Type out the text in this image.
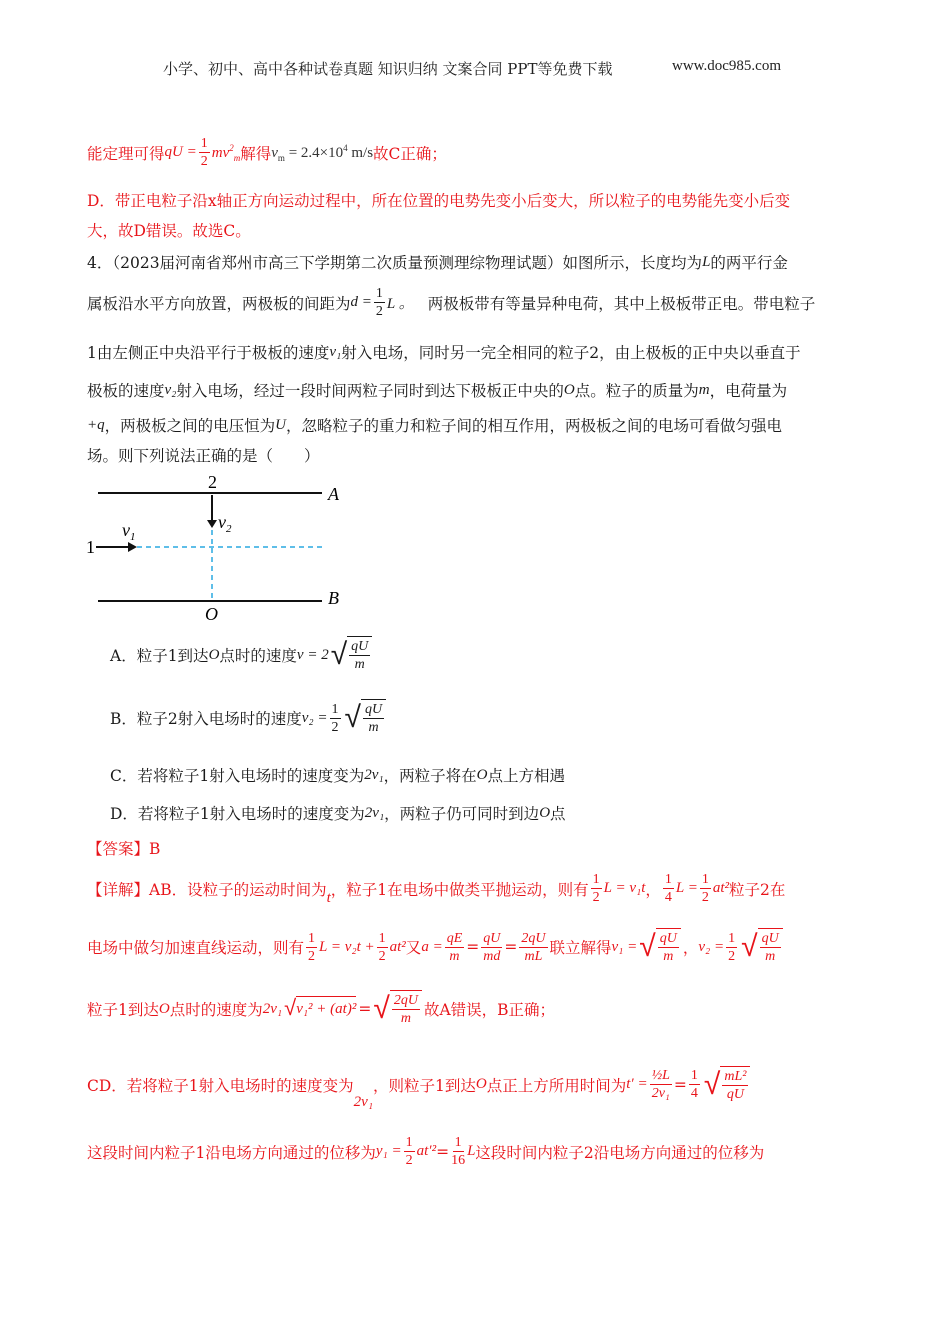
小学、初中、高中各种试卷真题 知识归纳 文案合同 PPT等免费下载	www.doc985.com
能定理可得 qU = $\frac{1}{2} mv^2_m$ 解得 $v_m = 2.4\times 10^4$ m/s 故C正确；
D．带正电粒子沿x轴正方向运动过程中，所在位置的电势先变小后变大，所以粒子的电势能先变小后变
大，故D错误。故选C。
4．（2023届河南省郑州市高三下学期第二次质量预测理综物理试题）如图所示，长度均为 L 的两平行金
属板沿水平方向放置，两极板的间距为 $d = \frac{1}{2}$ L 。 两极板带有等量异种电荷，其中上极板带正电。带电粒子
1由左侧正中央沿平行于极板的速度 v₁ 射入电场，同时另一完全相同的粒子2，由上极板的正中央以垂直于
极板的速度 v₂ 射入电场，经过一段时间两粒子同时到达下极板正中央的 O 点。粒子的质量为 m ，电荷量为
+q ，两极板之间的电压恒为 U ，忽略粒子的重力和粒子间的相互作用，两极板之间的电场可看做匀强电
场。则下列说法正确的是（　　）
2
A
$v_2$
$v_1$
1
B
O
A．粒子1到达 O 点时的速度 v = 2 √ $\frac{qU}{m}$
B．粒子2射入电场时的速度 $v_2 = \frac{1}{2}$ √ $\frac{qU}{m}$
C．若将粒子1射入电场时的速度变为 2v₁ ，两粒子将在 O 点上方相遇
D．若将粒子1射入电场时的速度变为 2v₁ ，两粒子仍可同时到边 O 点
【答案】B
【详解】AB．设粒子的运动时间为 t ，粒子1在电场中做类平抛运动，则有 $\frac{1}{2}$ L = v₁t ， $\frac{1}{4}$ $L = \frac{1}{2} at^2$ 粒子2在
电场中做匀加速直线运动，则有 $\frac{1}{2}$ $L = v_2t + \frac{1}{2} at^2$ 又 $a = \frac{qE}{m} = \frac{qU}{md} = \frac{2qU}{mL}$ 联立解得 v₁ = √ $\frac{qU}{m}$ ， $v_2 = \frac{1}{2}$ √ $\frac{qU}{m}$
粒子1到达 O 点时的速度为 2v₁ √ v₁² + (at)² = √ $\frac{2qU}{m}$ 故A错误，B正确；
CD．若将粒子1射入电场时的速度变为
2v₁
，则粒子1到达 O 点正上方所用时间为 $t' = \frac{\text{½L}}{\text{2v₁}} = \frac{1}{4}$ √ $\frac{\text{mL²}}{qU}$
这段时间内粒子1沿电场方向通过的位移为 $y_1 = \frac{1}{2} at'^2 = \frac{1}{16}$ L 这段时间内粒子2沿电场方向通过的位移为
